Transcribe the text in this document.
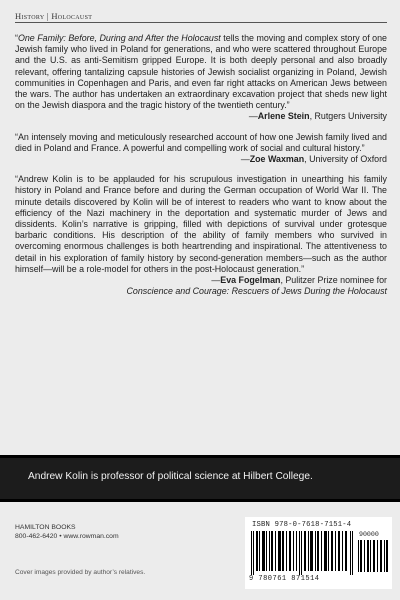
History | Holocaust

“One Family: Before, During and After the Holocaust tells the moving and complex story of one Jewish family who lived in Poland for generations, and who were scattered throughout Europe and the U.S. as anti-Semitism gripped Europe. It is both deeply personal and also broadly relevant, offering tantalizing capsule histories of Jewish socialist organizing in Poland, Jewish communities in Copenhagen and Paris, and even far right attacks on American Jews between the wars. The author has undertaken an extraordinary excavation project that sheds new light on the Jewish diaspora and the tragic history of the twentieth century.”

—Arlene Stein, Rutgers University

“An intensely moving and meticulously researched account of how one Jewish family lived and died in Poland and France. A powerful and compelling work of social and cultural history.”

—Zoe Waxman, University of Oxford

“Andrew Kolin is to be applauded for his scrupulous investigation in unearthing his family history in Poland and France before and during the German occupation of World War II. The minute details discovered by Kolin will be of interest to readers who want to know about the efficiency of the Nazi machinery in the deportation and systematic murder of Jews and dissidents. Kolin’s narrative is gripping, filled with depictions of survival under grotesque barbaric conditions. His description of the ability of family members who survived in overcoming enormous challenges is both heartrending and inspirational. The attentiveness to detail in his exploration of family history by second-generation members—such as the author himself—will be a role-model for others in the post-Holocaust generation.”

—Eva Fogelman, Pulitzer Prize nominee for
Conscience and Courage: Rescuers of Jews During the Holocaust
Andrew Kolin is professor of political science at Hilbert College.
HAMILTON BOOKS
800-462-6420 • www.rowman.com
Cover images provided by author’s relatives.
ISBN 978-0-7618-7151-4
90000
9 780761 871514
